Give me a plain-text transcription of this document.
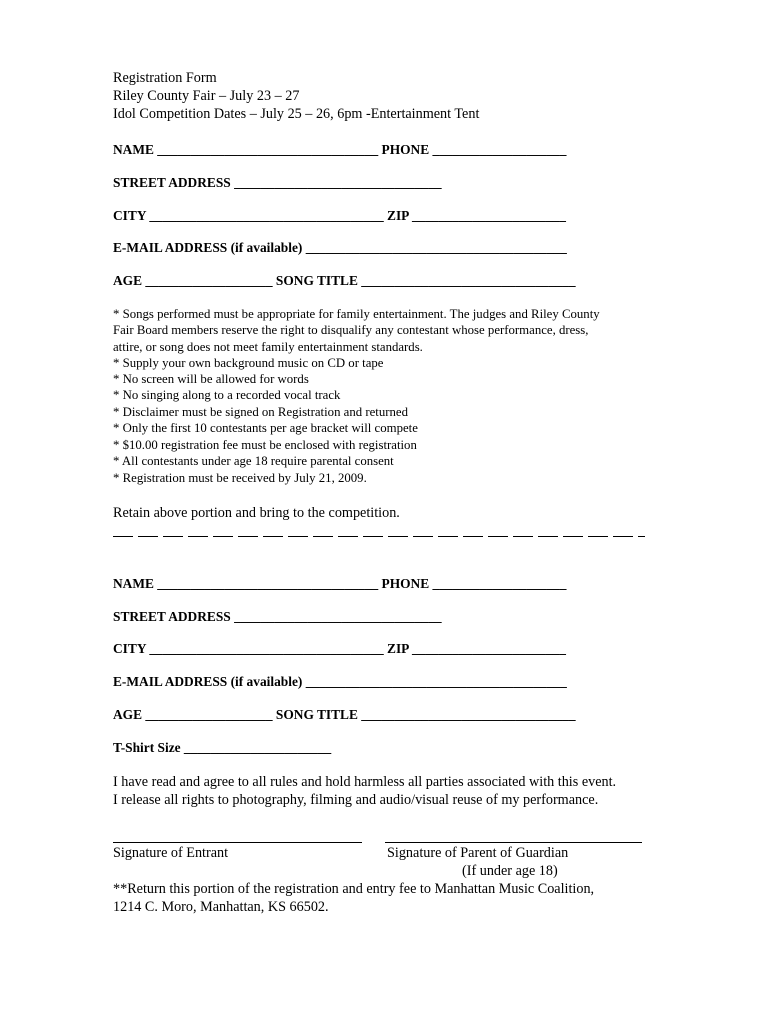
Registration Form
Riley County Fair – July 23 – 27
Idol Competition Dates – July 25 – 26, 6pm -Entertainment Tent
NAME _________________________________ PHONE ____________________
STREET ADDRESS _______________________________
CITY ___________________________________ ZIP _______________________
E-MAIL ADDRESS (if available) _______________________________________
AGE ___________________ SONG TITLE ________________________________
* Songs performed must be appropriate for family entertainment. The judges and Riley County
Fair Board members reserve the right to disqualify any contestant whose performance, dress,
attire, or song does not meet family entertainment standards.
* Supply your own background music on CD or tape
* No screen will be allowed for words
* No singing along to a recorded vocal track
* Disclaimer must be signed on Registration and returned
* Only the first 10 contestants per age bracket will compete
* $10.00 registration fee must be enclosed with registration
* All contestants under age 18 require parental consent
* Registration must be received by July 21, 2009.
Retain above portion and bring to the competition.
NAME _________________________________ PHONE ____________________
STREET ADDRESS _______________________________
CITY ___________________________________ ZIP _______________________
E-MAIL ADDRESS (if available) _______________________________________
AGE ___________________ SONG TITLE ________________________________
T-Shirt Size ______________________
I have read and agree to all rules and hold harmless all parties associated with this event.
I release all rights to photography, filming and audio/visual reuse of my performance.
Signature of Entrant	Signature of Parent of Guardian
(If under age 18)
**Return this portion of the registration and entry fee to Manhattan Music Coalition,
1214 C. Moro, Manhattan, KS 66502.
